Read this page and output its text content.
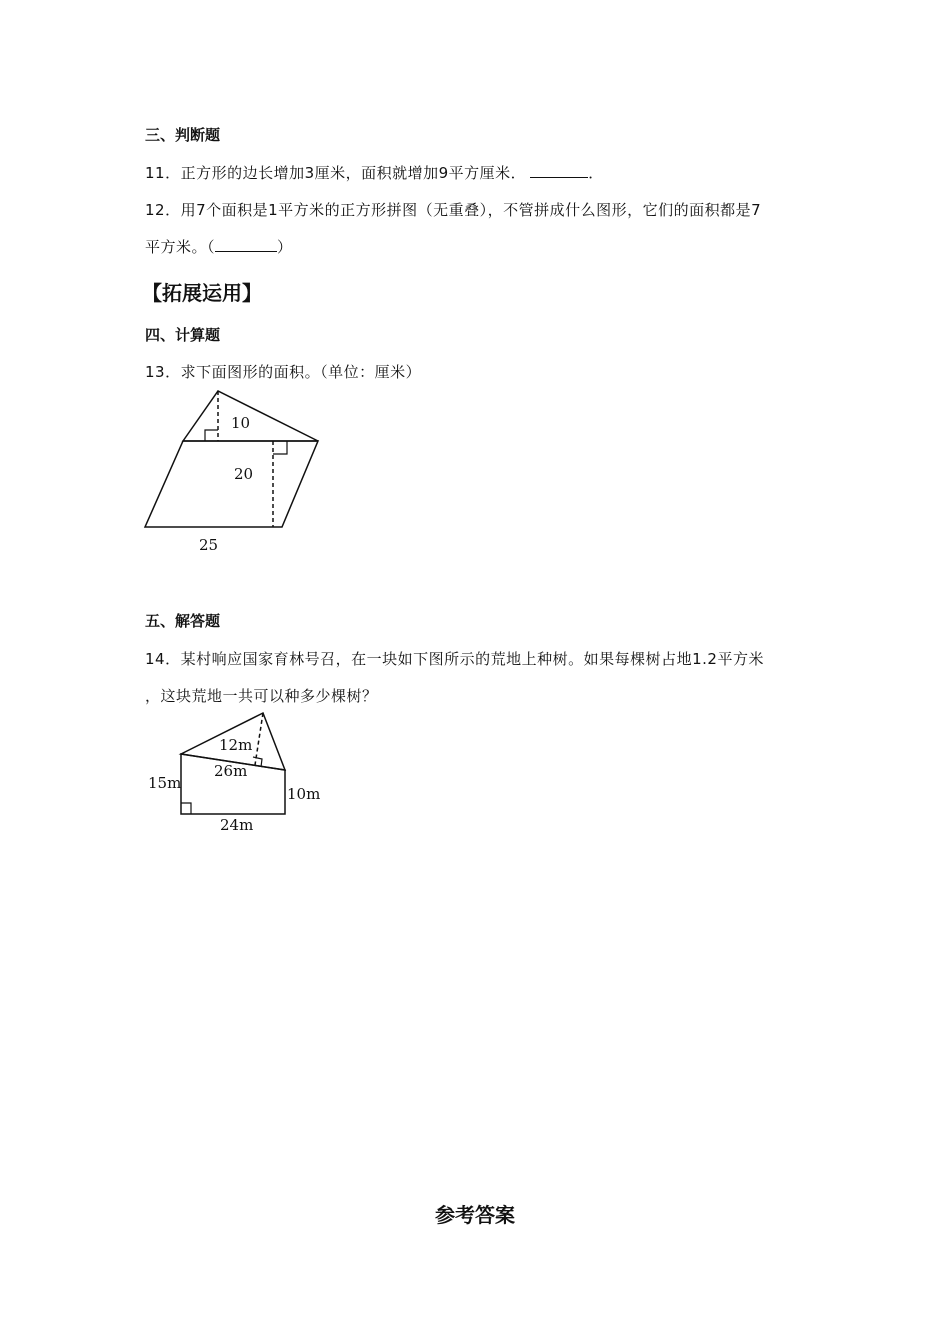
三、判断题
11．正方形的边长增加3厘米，面积就增加9平方厘米．	．
12．用7个面积是1平方米的正方形拼图（无重叠），不管拼成什么图形，它们的面积都是7
平方米。（	）
【拓展运用】
四、计算题
13．求下面图形的面积。（单位：厘米）
10
20
25
12m
26m
15m
10m
24m
五、解答题
14．某村响应国家育林号召，在一块如下图所示的荒地上种树。如果每棵树占地1.2平方米
，这块荒地一共可以种多少棵树？
参考答案
